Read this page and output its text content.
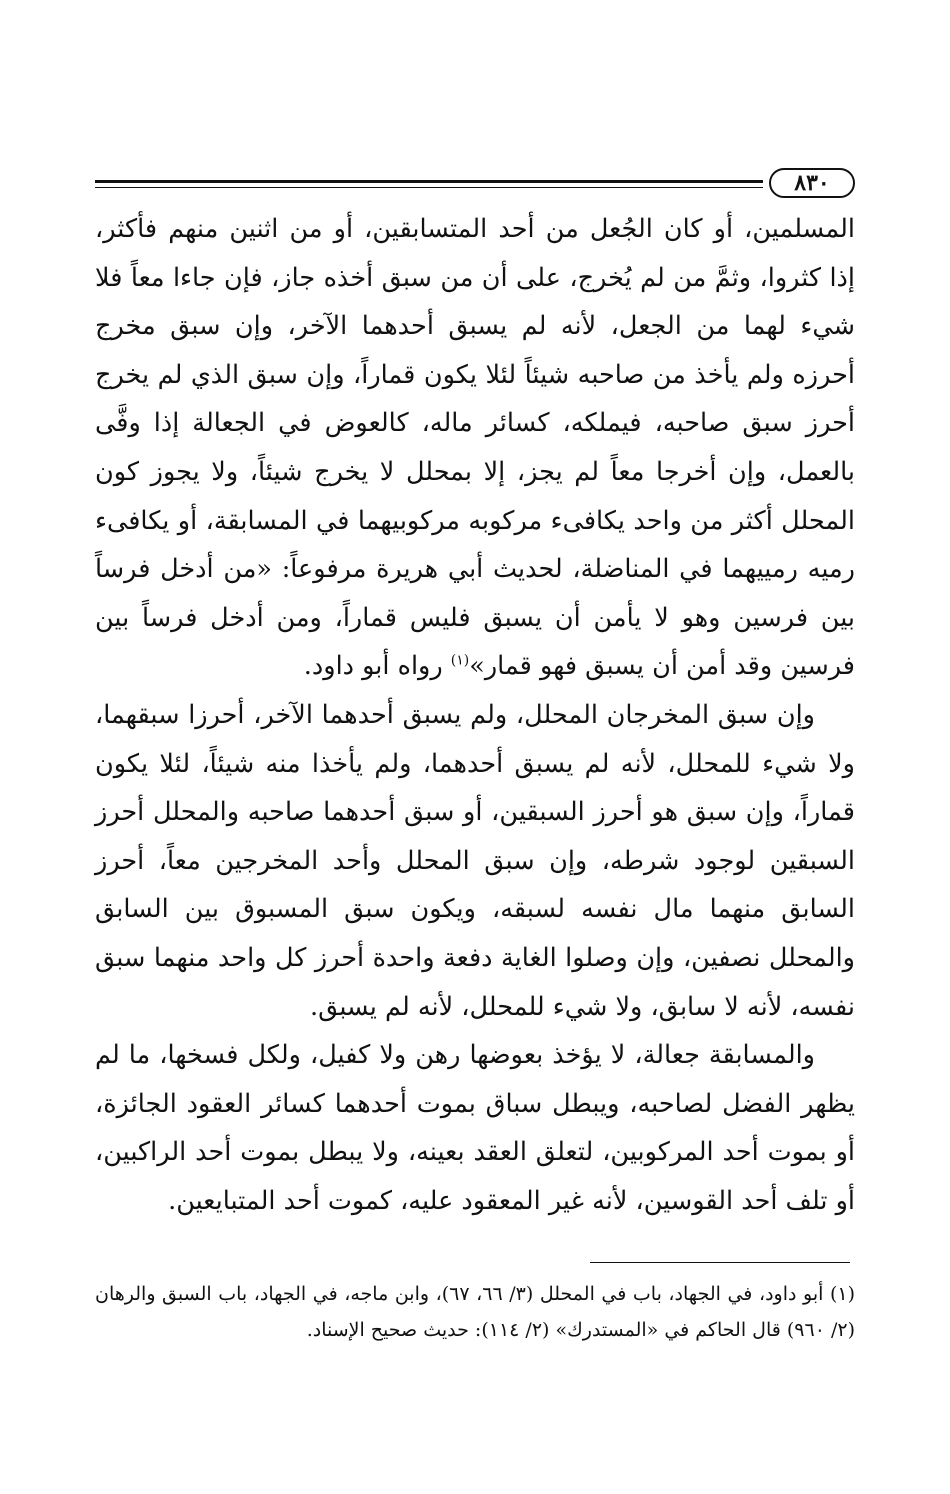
٨٣٠

المسلمين، أو كان الجُعل من أحد المتسابقين، أو من اثنين منهم فأكثر، إذا كثروا، وثمَّ من لم يُخرج، على أن من سبق أخذه جاز، فإن جاءا معاً فلا شيء لهما من الجعل، لأنه لم يسبق أحدهما الآخر، وإن سبق مخرج أحرزه ولم يأخذ من صاحبه شيئاً لئلا يكون قماراً، وإن سبق الذي لم يخرج أحرز سبق صاحبه، فيملكه، كسائر ماله، كالعوض في الجعالة إذا وفَّى بالعمل، وإن أخرجا معاً لم يجز، إلا بمحلل لا يخرج شيئاً، ولا يجوز كون المحلل أكثر من واحد يكافىء مركوبه مركوبيهما في المسابقة، أو يكافىء رميه رمييهما في المناضلة، لحديث أبي هريرة مرفوعاً: «من أدخل فرساً بين فرسين وهو لا يأمن أن يسبق فليس قماراً، ومن أدخل فرساً بين فرسين وقد أمن أن يسبق فهو قمار»$^{(١)}$ رواه أبو داود.

وإن سبق المخرجان المحلل، ولم يسبق أحدهما الآخر، أحرزا سبقهما، ولا شيء للمحلل، لأنه لم يسبق أحدهما، ولم يأخذا منه شيئاً، لئلا يكون قماراً، وإن سبق هو أحرز السبقين، أو سبق أحدهما صاحبه والمحلل أحرز السبقين لوجود شرطه، وإن سبق المحلل وأحد المخرجين معاً، أحرز السابق منهما مال نفسه لسبقه، ويكون سبق المسبوق بين السابق والمحلل نصفين، وإن وصلوا الغاية دفعة واحدة أحرز كل واحد منهما سبق نفسه، لأنه لا سابق، ولا شيء للمحلل، لأنه لم يسبق.

والمسابقة جعالة، لا يؤخذ بعوضها رهن ولا كفيل، ولكل فسخها، ما لم يظهر الفضل لصاحبه، ويبطل سباق بموت أحدهما كسائر العقود الجائزة، أو بموت أحد المركوبين، لتعلق العقد بعينه، ولا يبطل بموت أحد الراكبين، أو تلف أحد القوسين، لأنه غير المعقود عليه، كموت أحد المتبايعين.

(١) أبو داود، في الجهاد، باب في المحلل (٣/ ٦٦، ٦٧)، وابن ماجه، في الجهاد، باب السبق والرهان (٢/ ٩٦٠) قال الحاكم في «المستدرك» (٢/ ١١٤): حديث صحيح الإسناد.
